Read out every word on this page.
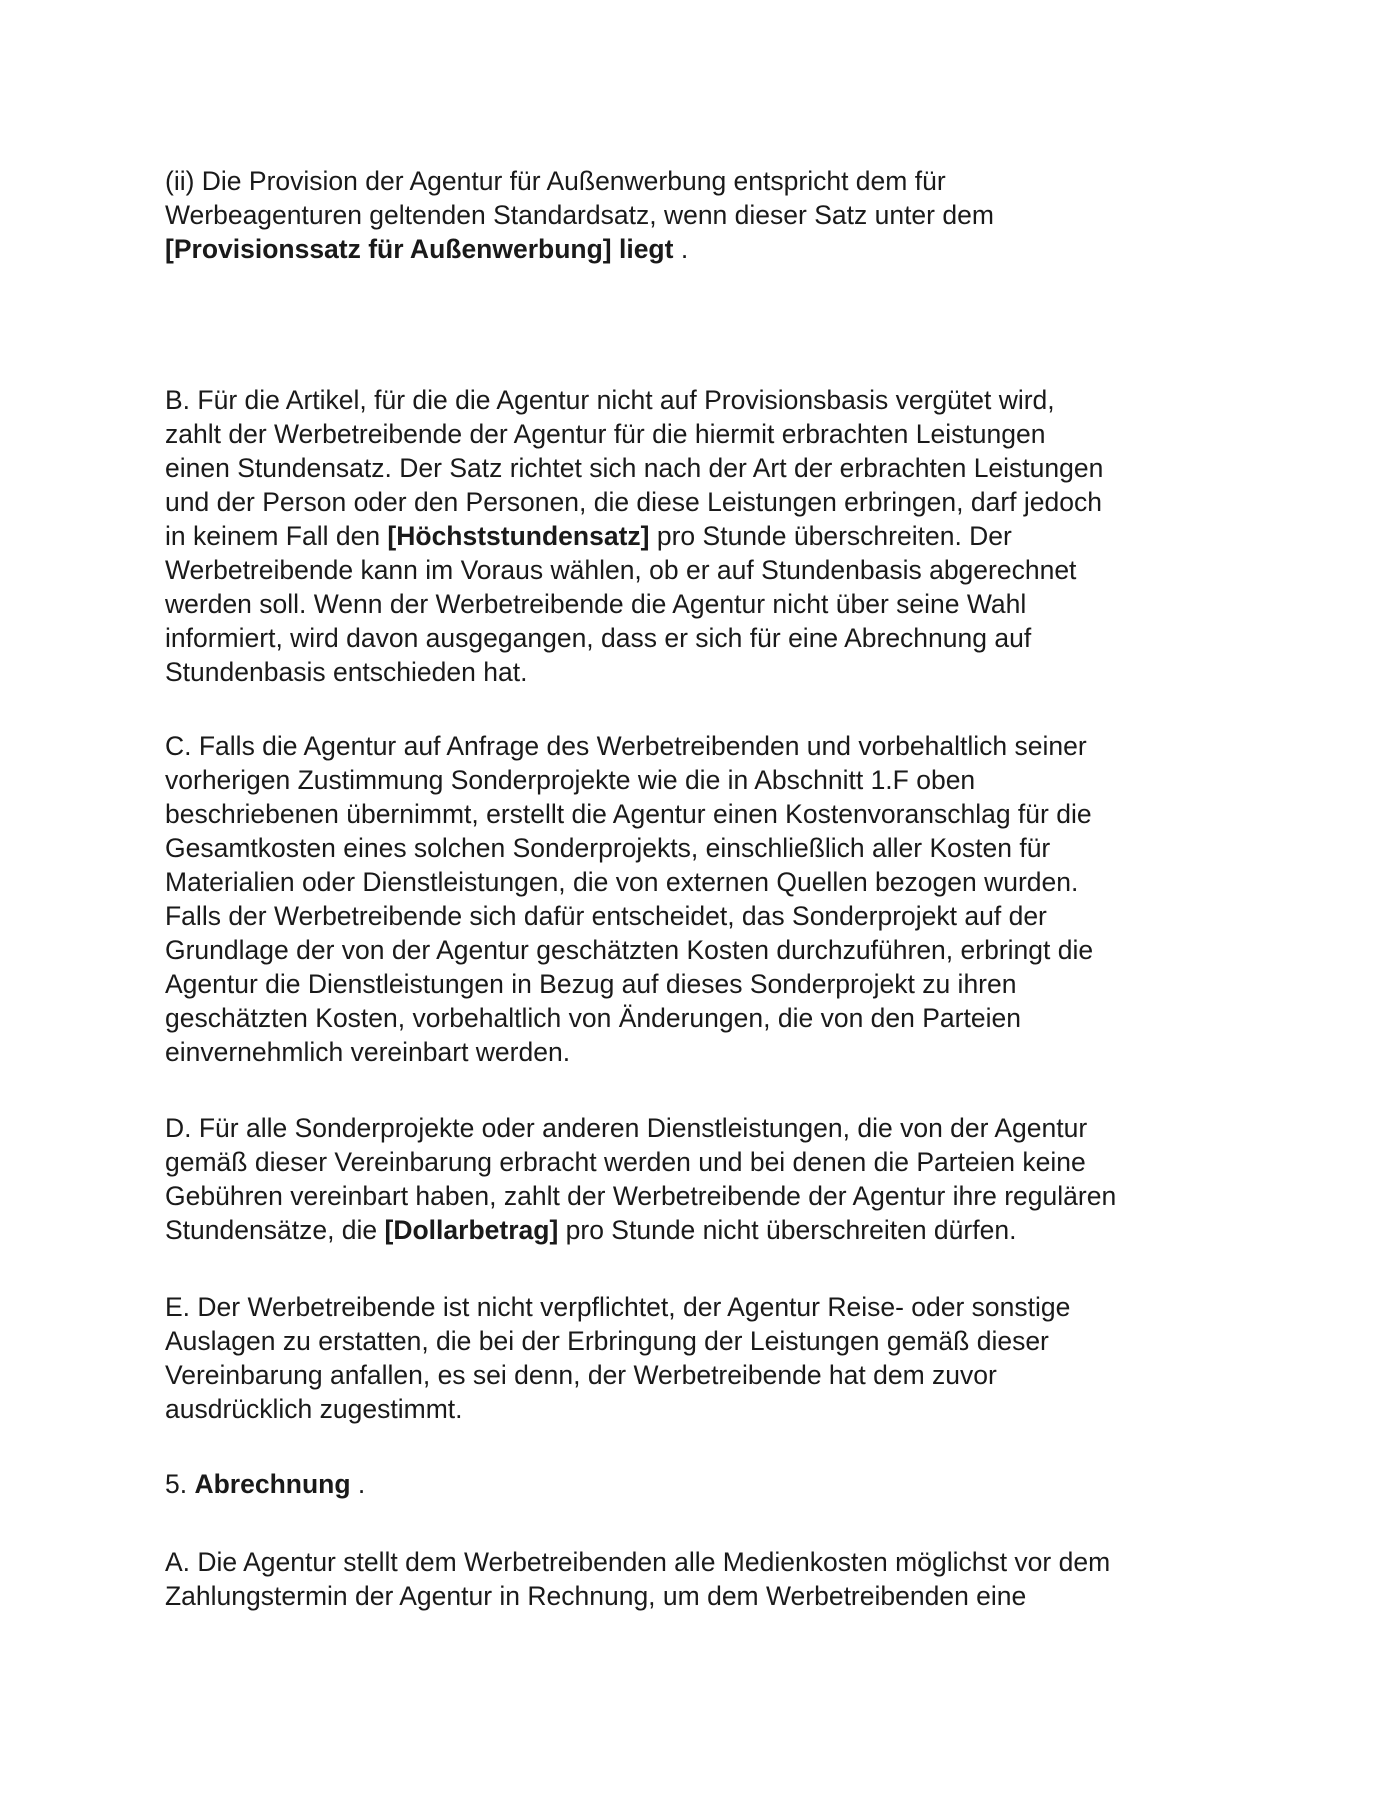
(ii) Die Provision der Agentur für Außenwerbung entspricht dem für
Werbeagenturen geltenden Standardsatz, wenn dieser Satz unter dem
[Provisionssatz für Außenwerbung] liegt .
B. Für die Artikel, für die die Agentur nicht auf Provisionsbasis vergütet wird,
zahlt der Werbetreibende der Agentur für die hiermit erbrachten Leistungen
einen Stundensatz. Der Satz richtet sich nach der Art der erbrachten Leistungen
und der Person oder den Personen, die diese Leistungen erbringen, darf jedoch
in keinem Fall den [Höchststundensatz] pro Stunde überschreiten. Der
Werbetreibende kann im Voraus wählen, ob er auf Stundenbasis abgerechnet
werden soll. Wenn der Werbetreibende die Agentur nicht über seine Wahl
informiert, wird davon ausgegangen, dass er sich für eine Abrechnung auf
Stundenbasis entschieden hat.
C. Falls die Agentur auf Anfrage des Werbetreibenden und vorbehaltlich seiner
vorherigen Zustimmung Sonderprojekte wie die in Abschnitt 1.F oben
beschriebenen übernimmt, erstellt die Agentur einen Kostenvoranschlag für die
Gesamtkosten eines solchen Sonderprojekts, einschließlich aller Kosten für
Materialien oder Dienstleistungen, die von externen Quellen bezogen wurden.
Falls der Werbetreibende sich dafür entscheidet, das Sonderprojekt auf der
Grundlage der von der Agentur geschätzten Kosten durchzuführen, erbringt die
Agentur die Dienstleistungen in Bezug auf dieses Sonderprojekt zu ihren
geschätzten Kosten, vorbehaltlich von Änderungen, die von den Parteien
einvernehmlich vereinbart werden.
D. Für alle Sonderprojekte oder anderen Dienstleistungen, die von der Agentur
gemäß dieser Vereinbarung erbracht werden und bei denen die Parteien keine
Gebühren vereinbart haben, zahlt der Werbetreibende der Agentur ihre regulären
Stundensätze, die [Dollarbetrag] pro Stunde nicht überschreiten dürfen.
E. Der Werbetreibende ist nicht verpflichtet, der Agentur Reise- oder sonstige
Auslagen zu erstatten, die bei der Erbringung der Leistungen gemäß dieser
Vereinbarung anfallen, es sei denn, der Werbetreibende hat dem zuvor
ausdrücklich zugestimmt.
5. Abrechnung .
A. Die Agentur stellt dem Werbetreibenden alle Medienkosten möglichst vor dem
Zahlungstermin der Agentur in Rechnung, um dem Werbetreibenden eine
